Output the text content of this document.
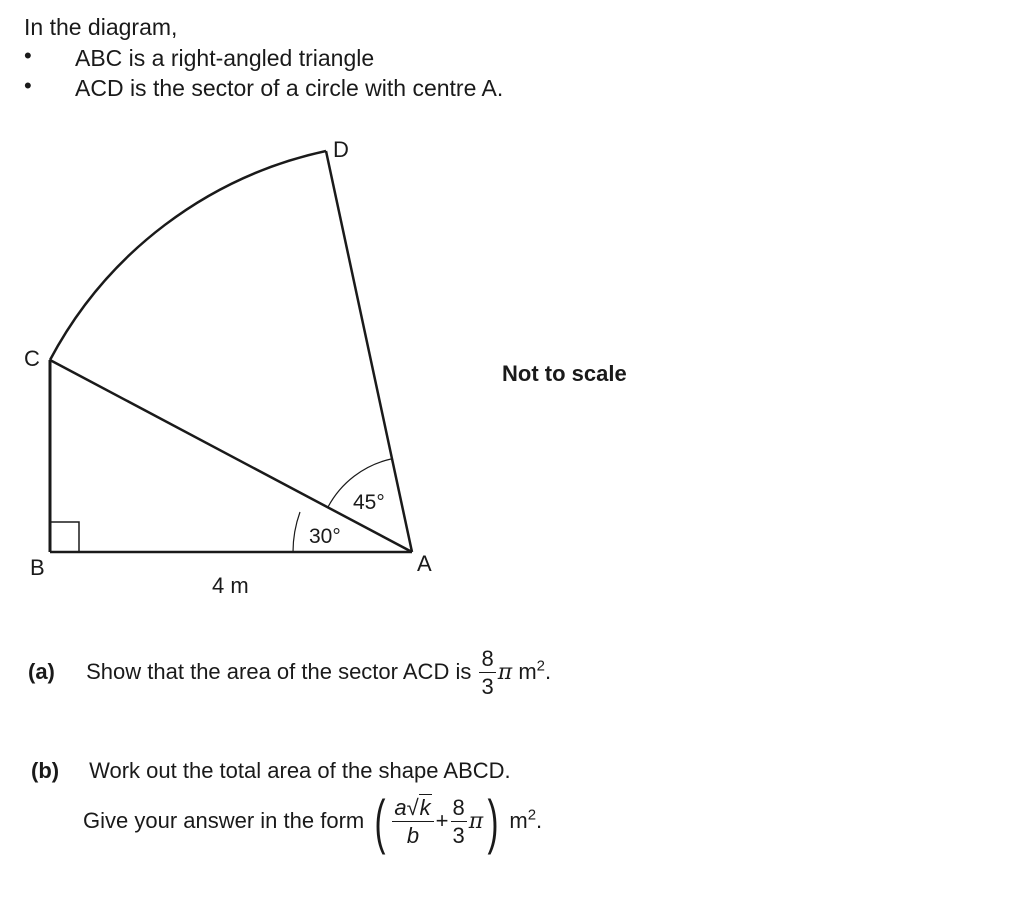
In the diagram,
• ABC is a right-angled triangle
• ACD is the sector of a circle with centre A.
D
C
B	A
30°
45°
4 m
Not to scale
(a) Show that the area of the sector ACD is $\frac{8}{3}$ π $m^2$.
(b) Work out the total area of the shape ABCD.
Give your answer in the form ( $\frac{a√k}{b} + \frac{8}{3} \pi$) $m^2$.
